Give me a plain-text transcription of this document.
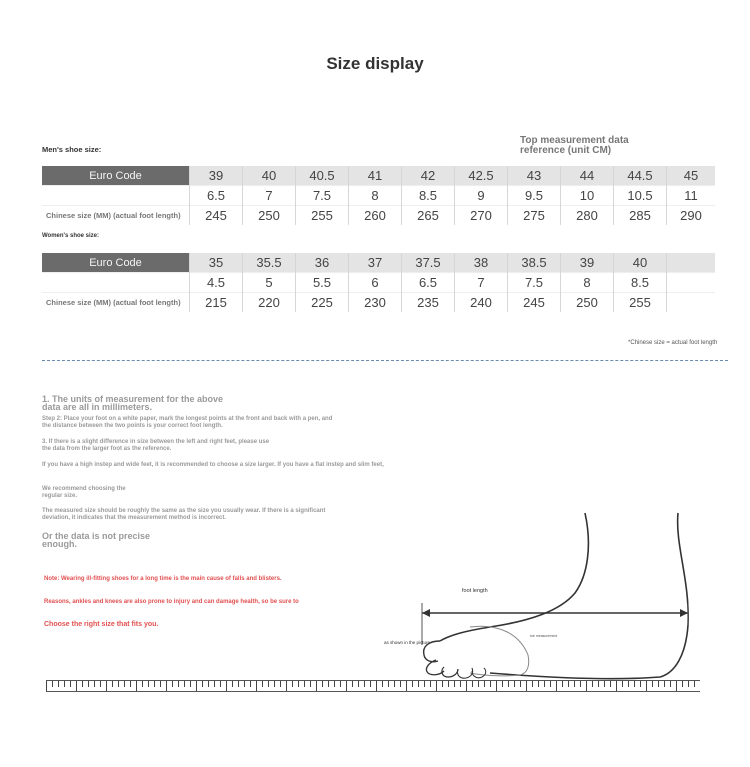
Size display
Top measurement data reference (unit CM)
Men's shoe size:
Euro Code	39	40	40.5	41	42	42.5	43	44	44.5	45
	6.5	7	7.5	8	8.5	9	9.5	10	10.5	11
Chinese size (MM) (actual foot length)	245	250	255	260	265	270	275	280	285	290
Women's shoe size:
Euro Code	35	35.5	36	37	37.5	38	38.5	39	40	
	4.5	5	5.5	6	6.5	7	7.5	8	8.5	
Chinese size (MM) (actual foot length)	215	220	225	230	235	240	245	250	255	
*Chinese size = actual foot length
1. The units of measurement for the above data are all in millimeters.
Step 2: Place your foot on a white paper, mark the longest points at the front and back with a pen, and the distance between the two points is your correct foot length.
3. If there is a slight difference in size between the left and right feet, please use the data from the larger foot as the reference.
If you have a high instep and wide feet, it is recommended to choose a size larger. If you have a flat instep and slim feet,
We recommend choosing the regular size.
The measured size should be roughly the same as the size you usually wear. If there is a significant deviation, it indicates that the measurement method is incorrect.
Or the data is not precise enough.
Note: Wearing ill-fitting shoes for a long time is the main cause of falls and blisters.
Reasons, ankles and knees are also prone to injury and can damage health, so be sure to
Choose the right size that fits you.
foot length
as shown in the picture
toe measurement
